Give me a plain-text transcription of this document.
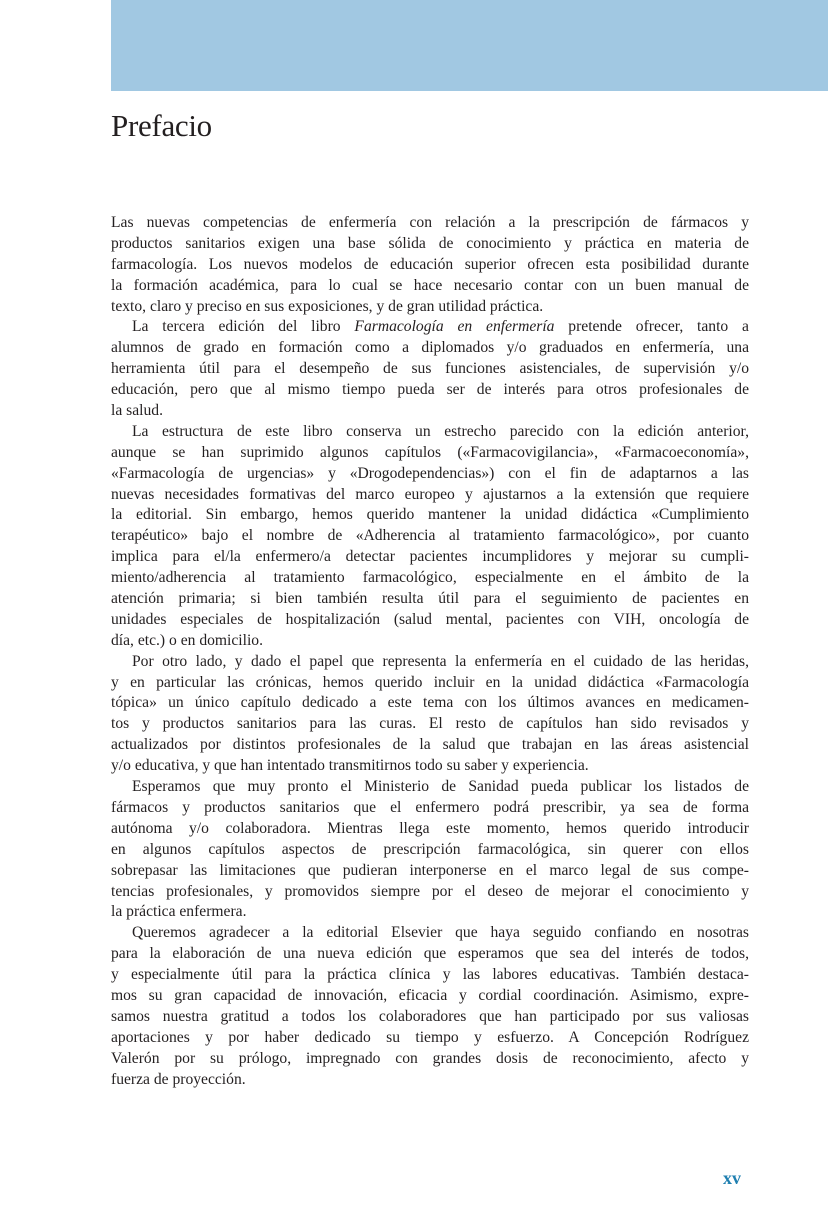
Prefacio
Las nuevas competencias de enfermería con relación a la prescripción de fármacos y
productos sanitarios exigen una base sólida de conocimiento y práctica en materia de
farmacología. Los nuevos modelos de educación superior ofrecen esta posibilidad durante
la formación académica, para lo cual se hace necesario contar con un buen manual de
texto, claro y preciso en sus exposiciones, y de gran utilidad práctica.
La tercera edición del libro Farmacología en enfermería pretende ofrecer, tanto a
alumnos de grado en formación como a diplomados y/o graduados en enfermería, una
herramienta útil para el desempeño de sus funciones asistenciales, de supervisión y/o
educación, pero que al mismo tiempo pueda ser de interés para otros profesionales de
la salud.
La estructura de este libro conserva un estrecho parecido con la edición anterior,
aunque se han suprimido algunos capítulos («Farmacovigilancia», «Farmacoeconomía»,
«Farmacología de urgencias» y «Drogodependencias») con el fin de adaptarnos a las
nuevas necesidades formativas del marco europeo y ajustarnos a la extensión que requiere
la editorial. Sin embargo, hemos querido mantener la unidad didáctica «Cumplimiento
terapéutico» bajo el nombre de «Adherencia al tratamiento farmacológico», por cuanto
implica para el/la enfermero/a detectar pacientes incumplidores y mejorar su cumpli-
miento/adherencia al tratamiento farmacológico, especialmente en el ámbito de la
atención primaria; si bien también resulta útil para el seguimiento de pacientes en
unidades especiales de hospitalización (salud mental, pacientes con VIH, oncología de
día, etc.) o en domicilio.
Por otro lado, y dado el papel que representa la enfermería en el cuidado de las heridas,
y en particular las crónicas, hemos querido incluir en la unidad didáctica «Farmacología
tópica» un único capítulo dedicado a este tema con los últimos avances en medicamen-
tos y productos sanitarios para las curas. El resto de capítulos han sido revisados y
actualizados por distintos profesionales de la salud que trabajan en las áreas asistencial
y/o educativa, y que han intentado transmitirnos todo su saber y experiencia.
Esperamos que muy pronto el Ministerio de Sanidad pueda publicar los listados de
fármacos y productos sanitarios que el enfermero podrá prescribir, ya sea de forma
autónoma y/o colaboradora. Mientras llega este momento, hemos querido introducir
en algunos capítulos aspectos de prescripción farmacológica, sin querer con ellos
sobrepasar las limitaciones que pudieran interponerse en el marco legal de sus compe-
tencias profesionales, y promovidos siempre por el deseo de mejorar el conocimiento y
la práctica enfermera.
Queremos agradecer a la editorial Elsevier que haya seguido confiando en nosotras
para la elaboración de una nueva edición que esperamos que sea del interés de todos,
y especialmente útil para la práctica clínica y las labores educativas. También destaca-
mos su gran capacidad de innovación, eficacia y cordial coordinación. Asimismo, expre-
samos nuestra gratitud a todos los colaboradores que han participado por sus valiosas
aportaciones y por haber dedicado su tiempo y esfuerzo. A Concepción Rodríguez
Valerón por su prólogo, impregnado con grandes dosis de reconocimiento, afecto y
fuerza de proyección.
xv
